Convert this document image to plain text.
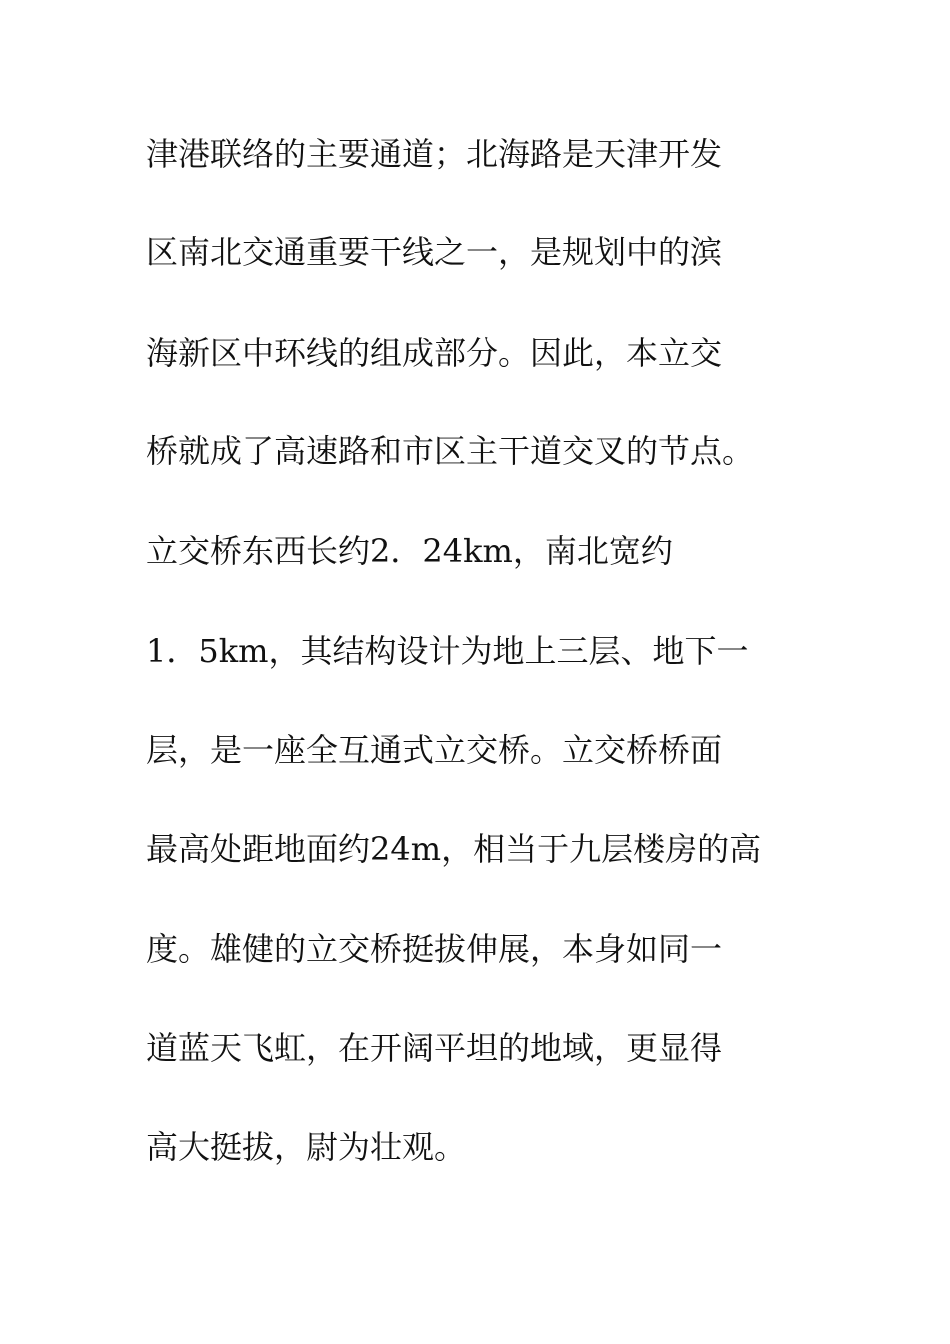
津港联络的主要通道；北海路是天津开发

区南北交通重要干线之一，是规划中的滨

海新区中环线的组成部分。因此，本立交

桥就成了高速路和市区主干道交叉的节点。

立交桥东西长约2．24km，南北宽约

1．5km，其结构设计为地上三层、地下一

层，是一座全互通式立交桥。立交桥桥面

最高处距地面约24m，相当于九层楼房的高

度。雄健的立交桥挺拔伸展，本身如同一

道蓝天飞虹，在开阔平坦的地域，更显得

高大挺拔，尉为壮观。
